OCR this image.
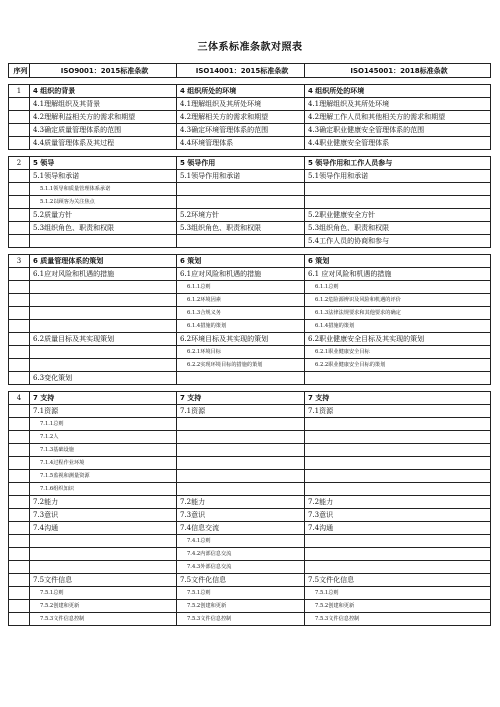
三体系标准条款对照表
序列	ISO9001：2015标准条款	ISO14001：2015标准条款	ISO145001：2018标准条款

1	4 组织的背景	4 组织所处的环境	4 组织所处的环境
	4.1理解组织及其背景	4.1理解组织及其所处环境	4.1理解组织及其所处环境
	4.2理解利益相关方的需求和期望	4.2理解相关方的需求和期望	4.2理解工作人员和其他相关方的需求和期望
	4.3确定质量管理体系的范围	4.3确定环境管理体系的范围	4.3确定职业健康安全管理体系的范围
	4.4质量管理体系及其过程	4.4环境管理体系	4.4职业健康安全管理体系

2	5 领导	5 领导作用	5 领导作用和工作人员参与
	5.1领导和承诺	5.1领导作用和承诺	5.1领导作用和承诺
	5.1.1领导和质量管理体系承诺		
	5.1.2以顾客为关注焦点		
	5.2质量方针	5.2环境方针	5.2职业健康安全方针
	5.3组织角色、职责和权限	5.3组织角色、职责和权限	5.3组织角色、职责和权限
			5.4工作人员的协商和参与

3	6 质量管理体系的策划	6 策划	6 策划
	6.1应对风险和机遇的措施	6.1应对风险和机遇的措施	6.1 应对风险和机遇的措施
		6.1.1总则	6.1.1总则
		6.1.2环境因素	6.1.2危险源辨识及风险和机遇的评价
		6.1.3合规义务	6.1.3法律法规要求和其他要求的确定
		6.1.4措施的策划	6.1.4措施的策划
	6.2质量目标及其实现策划	6.2环境目标及其实现的策划	6.2职业健康安全目标及其实现的策划
		6.2.1环境目标	6.2.1职业健康安全目标
		6.2.2实现环境目标的措施的策划	6.2.2职业健康安全目标的策划
	6.3变化策划		

4	7 支持	7 支持	7 支持
	7.1资源	7.1资源	7.1资源
	7.1.1总则		
	7.1.2人		
	7.1.3基础设施		
	7.1.4过程作业环境		
	7.1.5监视和测量资源		
	7.1.6组织知识		
	7.2能力	7.2能力	7.2能力
	7.3意识	7.3意识	7.3意识
	7.4沟通	7.4信息交流	7.4沟通
		7.4.1总则	
		7.4.2内部信息交流	
		7.4.3外部信息交流	
	7.5文件信息	7.5文件化信息	7.5文件化信息
	7.5.1总则	7.5.1总则	7.5.1总则
	7.5.2创建和更新	7.5.2创建和更新	7.5.2创建和更新
	7.5.3文件信息控制	7.5.3文件信息控制	7.5.3文件信息控制
